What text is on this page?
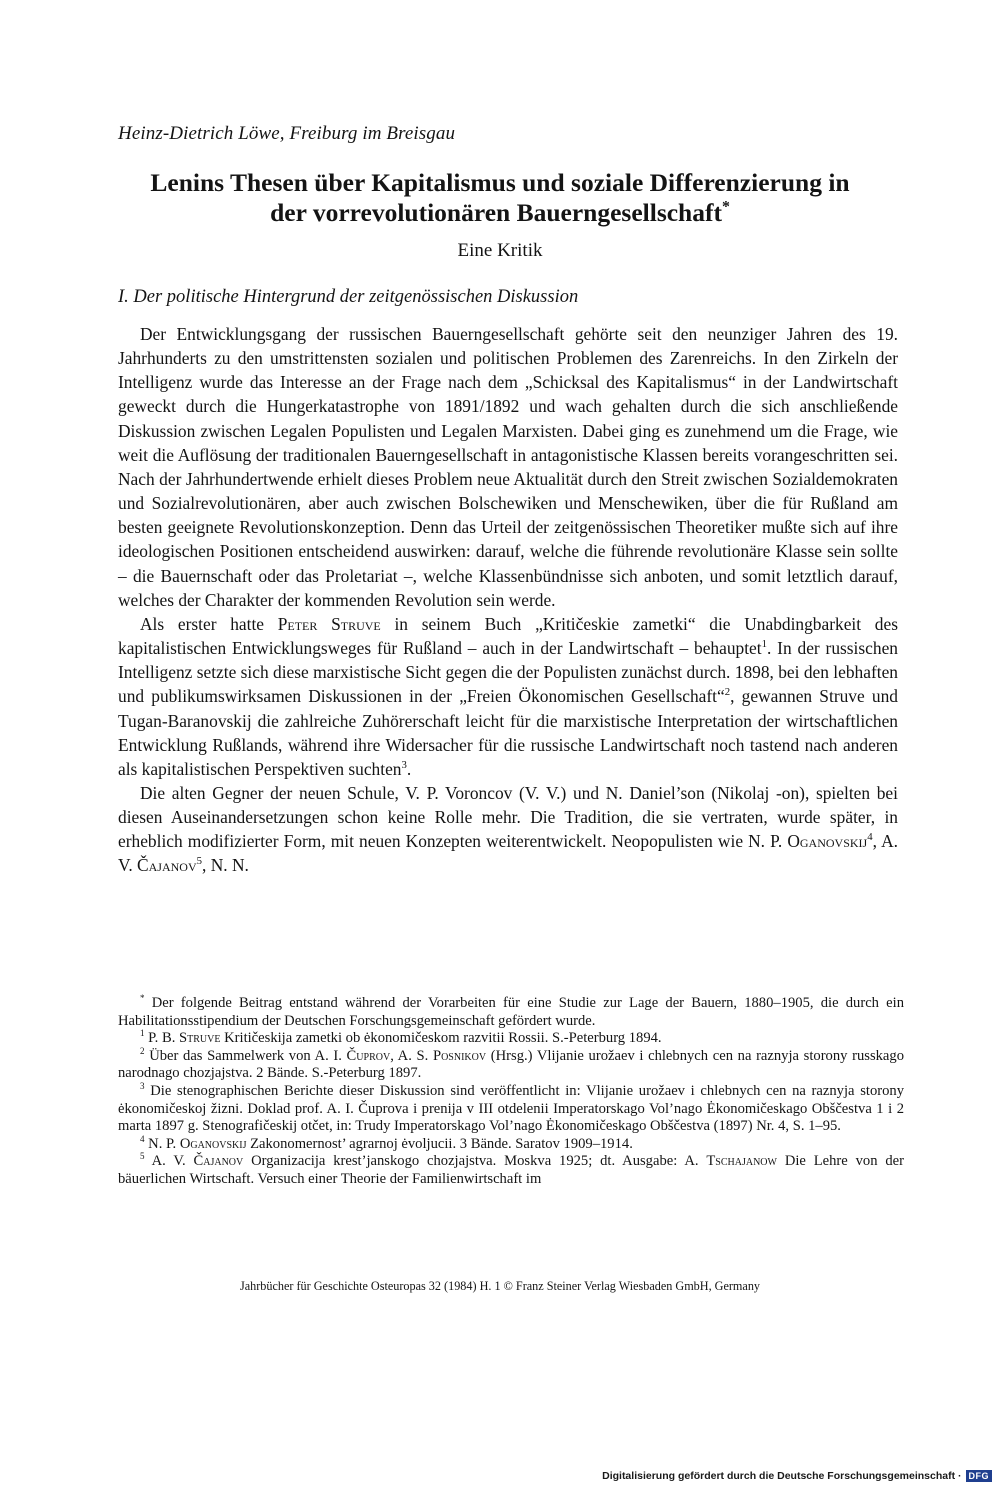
Heinz-Dietrich Löwe, Freiburg im Breisgau
Lenins Thesen über Kapitalismus und soziale Differenzierung in
der vorrevolutionären Bauerngesellschaft*
Eine Kritik
I. Der politische Hintergrund der zeitgenössischen Diskussion

Der Entwicklungsgang der russischen Bauerngesellschaft gehörte seit den neunziger Jahren des 19. Jahrhunderts zu den umstrittensten sozialen und politischen Problemen des Zarenreichs. In den Zirkeln der Intelligenz wurde das Interesse an der Frage nach dem „Schicksal des Kapitalismus“ in der Landwirtschaft geweckt durch die Hungerkatastrophe von 1891/1892 und wach gehalten durch die sich anschließende Diskussion zwischen Legalen Populisten und Legalen Marxisten. Dabei ging es zunehmend um die Frage, wie weit die Auflösung der traditionalen Bauerngesellschaft in antagonistische Klassen bereits vorangeschritten sei. Nach der Jahrhundertwende erhielt dieses Problem neue Aktualität durch den Streit zwischen Sozialdemokraten und Sozialrevolutionären, aber auch zwischen Bolschewiken und Menschewiken, über die für Rußland am besten geeignete Revolutionskonzeption. Denn das Urteil der zeitgenössischen Theoretiker mußte sich auf ihre ideologischen Positionen entscheidend auswirken: darauf, welche die führende revolutionäre Klasse sein sollte – die Bauernschaft oder das Proletariat –, welche Klassenbündnisse sich anboten, und somit letztlich darauf, welches der Charakter der kommenden Revolution sein werde.

Als erster hatte Peter Struve in seinem Buch „Kritičeskie zametki“ die Unabdingbarkeit des kapitalistischen Entwicklungsweges für Rußland – auch in der Landwirtschaft – behauptet$^1$. In der russischen Intelligenz setzte sich diese marxistische Sicht gegen die der Populisten zunächst durch. 1898, bei den lebhaften und publikumswirksamen Diskussionen in der „Freien Ökonomischen Gesellschaft“$^2$, gewannen Struve und Tugan-Baranovskij die zahlreiche Zuhörerschaft leicht für die marxistische Interpretation der wirtschaftlichen Entwicklung Rußlands, während ihre Widersacher für die russische Landwirtschaft noch tastend nach anderen als kapitalistischen Perspektiven suchten$^3$.

Die alten Gegner der neuen Schule, V. P. Voroncov (V. V.) und N. Daniel’son (Nikolaj -on), spielten bei diesen Auseinandersetzungen schon keine Rolle mehr. Die Tradition, die sie vertraten, wurde später, in erheblich modifizierter Form, mit neuen Konzepten weiterentwickelt. Neopopulisten wie N. P. Oganovskij$^4$, A. V. Čajanov$^5$, N. N.

* Der folgende Beitrag entstand während der Vorarbeiten für eine Studie zur Lage der Bauern, 1880–1905, die durch ein Habilitationsstipendium der Deutschen Forschungsgemeinschaft gefördert wurde.

$^1$ P. B. Struve Kritičeskija zametki ob ėkonomičeskom razvitii Rossii. S.-Peterburg 1894.

$^2$ Über das Sammelwerk von A. I. Čuprov, A. S. Posnikov (Hrsg.) Vlijanie urožaev i chlebnych cen na raznyja storony russkago narodnago chozjajstva. 2 Bände. S.-Peterburg 1897.

$^3$ Die stenographischen Berichte dieser Diskussion sind veröffentlicht in: Vlijanie urožaev i chlebnych cen na raznyja storony ėkonomičeskoj žizni. Doklad prof. A. I. Čuprova i prenija v III otdelenii Imperatorskago Vol’nago Ėkonomičeskago Obščestva 1 i 2 marta 1897 g. Stenografičeskij otčet, in: Trudy Imperatorskago Vol’nago Ėkonomičeskago Obščestva (1897) Nr. 4, S. 1–95.

$^4$ N. P. Oganovskij Zakonomernost’ agrarnoj ėvoljucii. 3 Bände. Saratov 1909–1914.

$^5$ A. V. Čajanov Organizacija krest’janskogo chozjajstva. Moskva 1925; dt. Ausgabe: A. Tschajanow Die Lehre von der bäuerlichen Wirtschaft. Versuch einer Theorie der Familienwirtschaft im

Jahrbücher für Geschichte Osteuropas 32 (1984) H. 1 © Franz Steiner Verlag Wiesbaden GmbH, Germany
Digitalisierung gefördert durch die Deutsche Forschungsgemeinschaft · DFG
